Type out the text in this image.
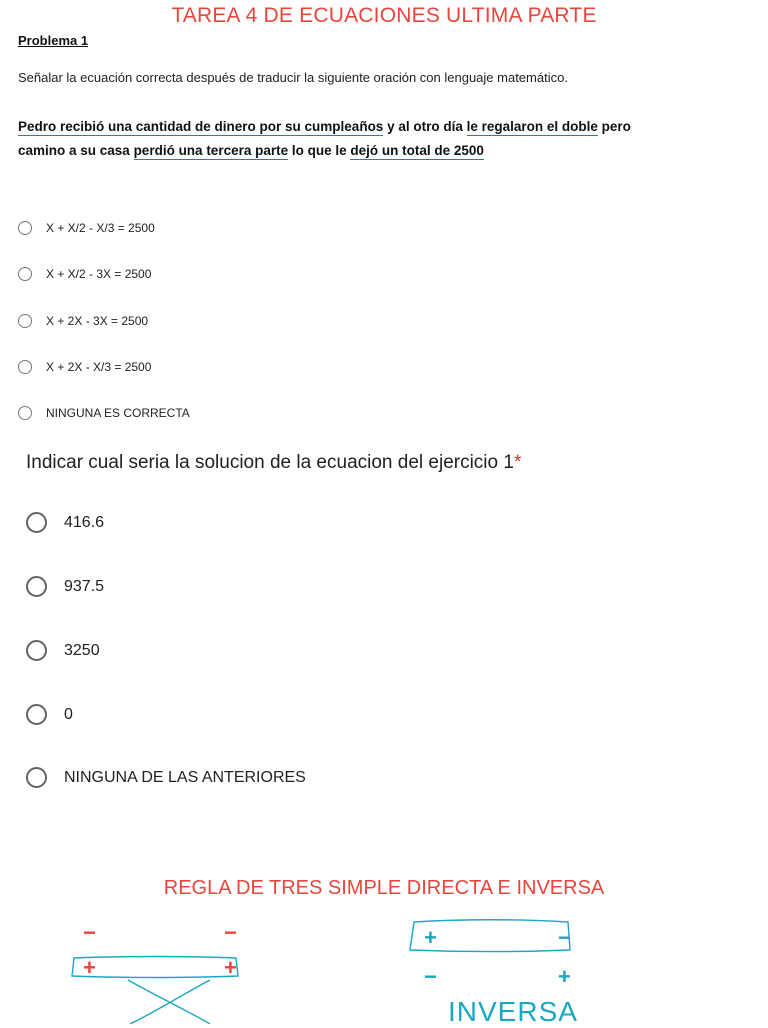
TAREA 4 DE ECUACIONES ULTIMA PARTE
Problema 1
Señalar la ecuación correcta después de traducir la siguiente oración con lenguaje matemático.
Pedro recibió una cantidad de dinero por su cumpleaños y al otro día le regalaron el doble pero camino a su casa perdió una tercera parte lo que le dejó un total de 2500
X + X/2 - X/3 = 2500
X + X/2 - 3X = 2500
X + 2X - 3X = 2500
X + 2X - X/3 = 2500
NINGUNA ES CORRECTA
Indicar cual seria la solucion de la ecuacion del ejercicio 1*
416.6
937.5
3250
0
NINGUNA DE LAS ANTERIORES
REGLA DE TRES SIMPLE DIRECTA E INVERSA
−	−
+	+
+	−
−	+
INVERSA
